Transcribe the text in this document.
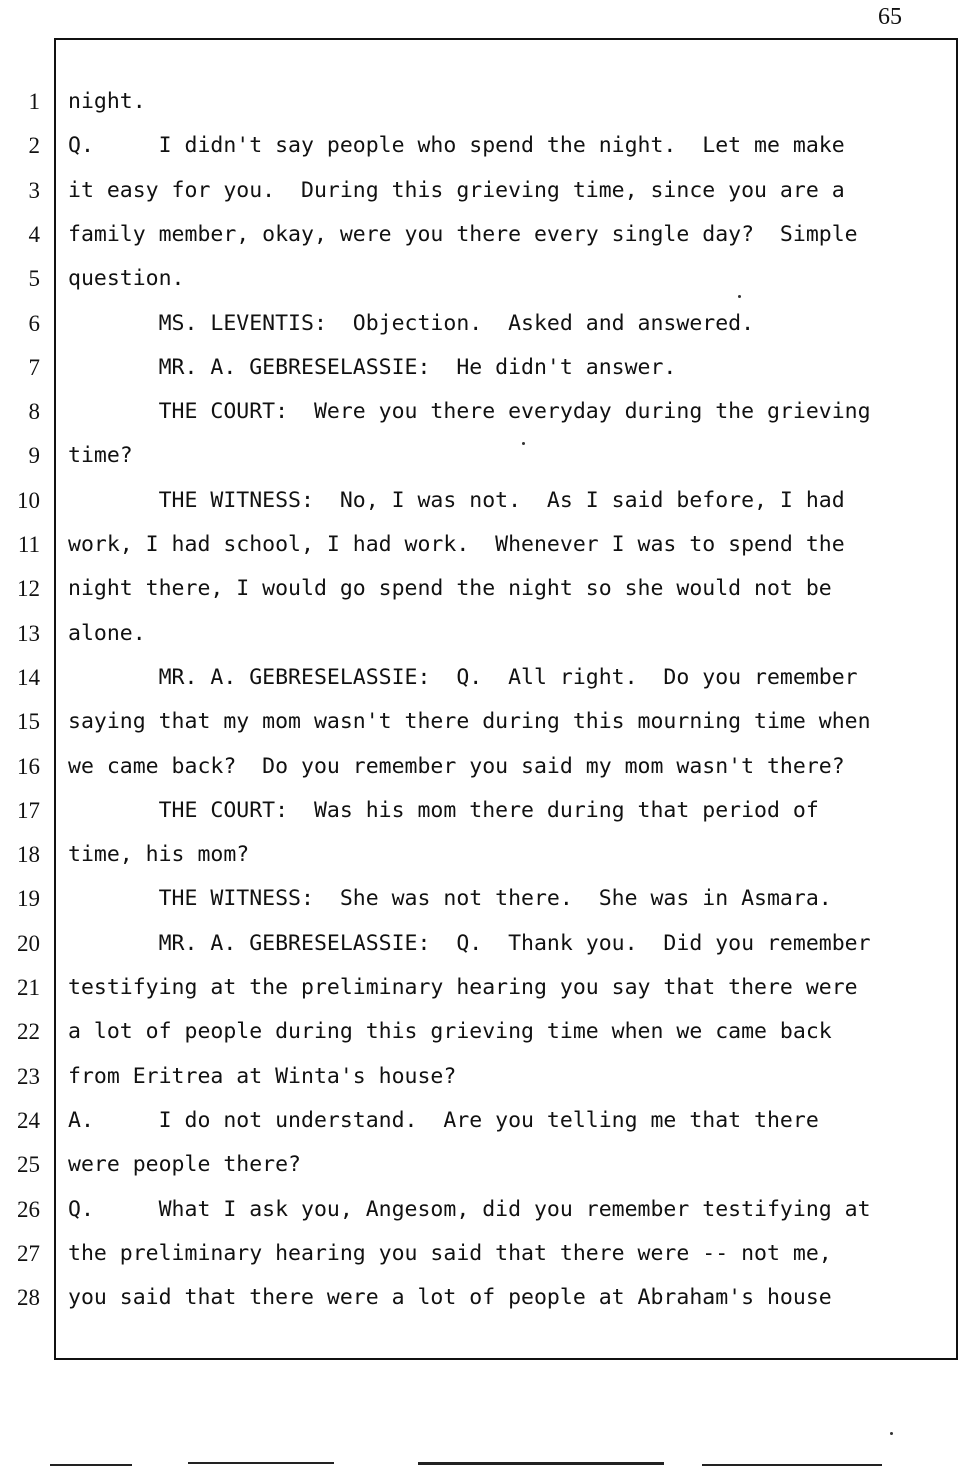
65
1 night.
2 Q.     I didn't say people who spend the night.  Let me make
3 it easy for you.  During this grieving time, since you are a
4 family member, okay, were you there every single day?  Simple
5 question.
6 MS. LEVENTIS:  Objection.  Asked and answered.
7 MR. A. GEBRESELASSIE:  He didn't answer.
8 THE COURT:  Were you there everyday during the grieving
9 time?
10 THE WITNESS:  No, I was not.  As I said before, I had
11 work, I had school, I had work.  Whenever I was to spend the
12 night there, I would go spend the night so she would not be
13 alone.
14 MR. A. GEBRESELASSIE:  Q.  All right.  Do you remember
15 saying that my mom wasn't there during this mourning time when
16 we came back?  Do you remember you said my mom wasn't there?
17 THE COURT:  Was his mom there during that period of
18 time, his mom?
19 THE WITNESS:  She was not there.  She was in Asmara.
20 MR. A. GEBRESELASSIE:  Q.  Thank you.  Did you remember
21 testifying at the preliminary hearing you say that there were
22 a lot of people during this grieving time when we came back
23 from Eritrea at Winta's house?
24 A.     I do not understand.  Are you telling me that there
25 were people there?
26 Q.     What I ask you, Angesom, did you remember testifying at
27 the preliminary hearing you said that there were -- not me,
28 you said that there were a lot of people at Abraham's house
